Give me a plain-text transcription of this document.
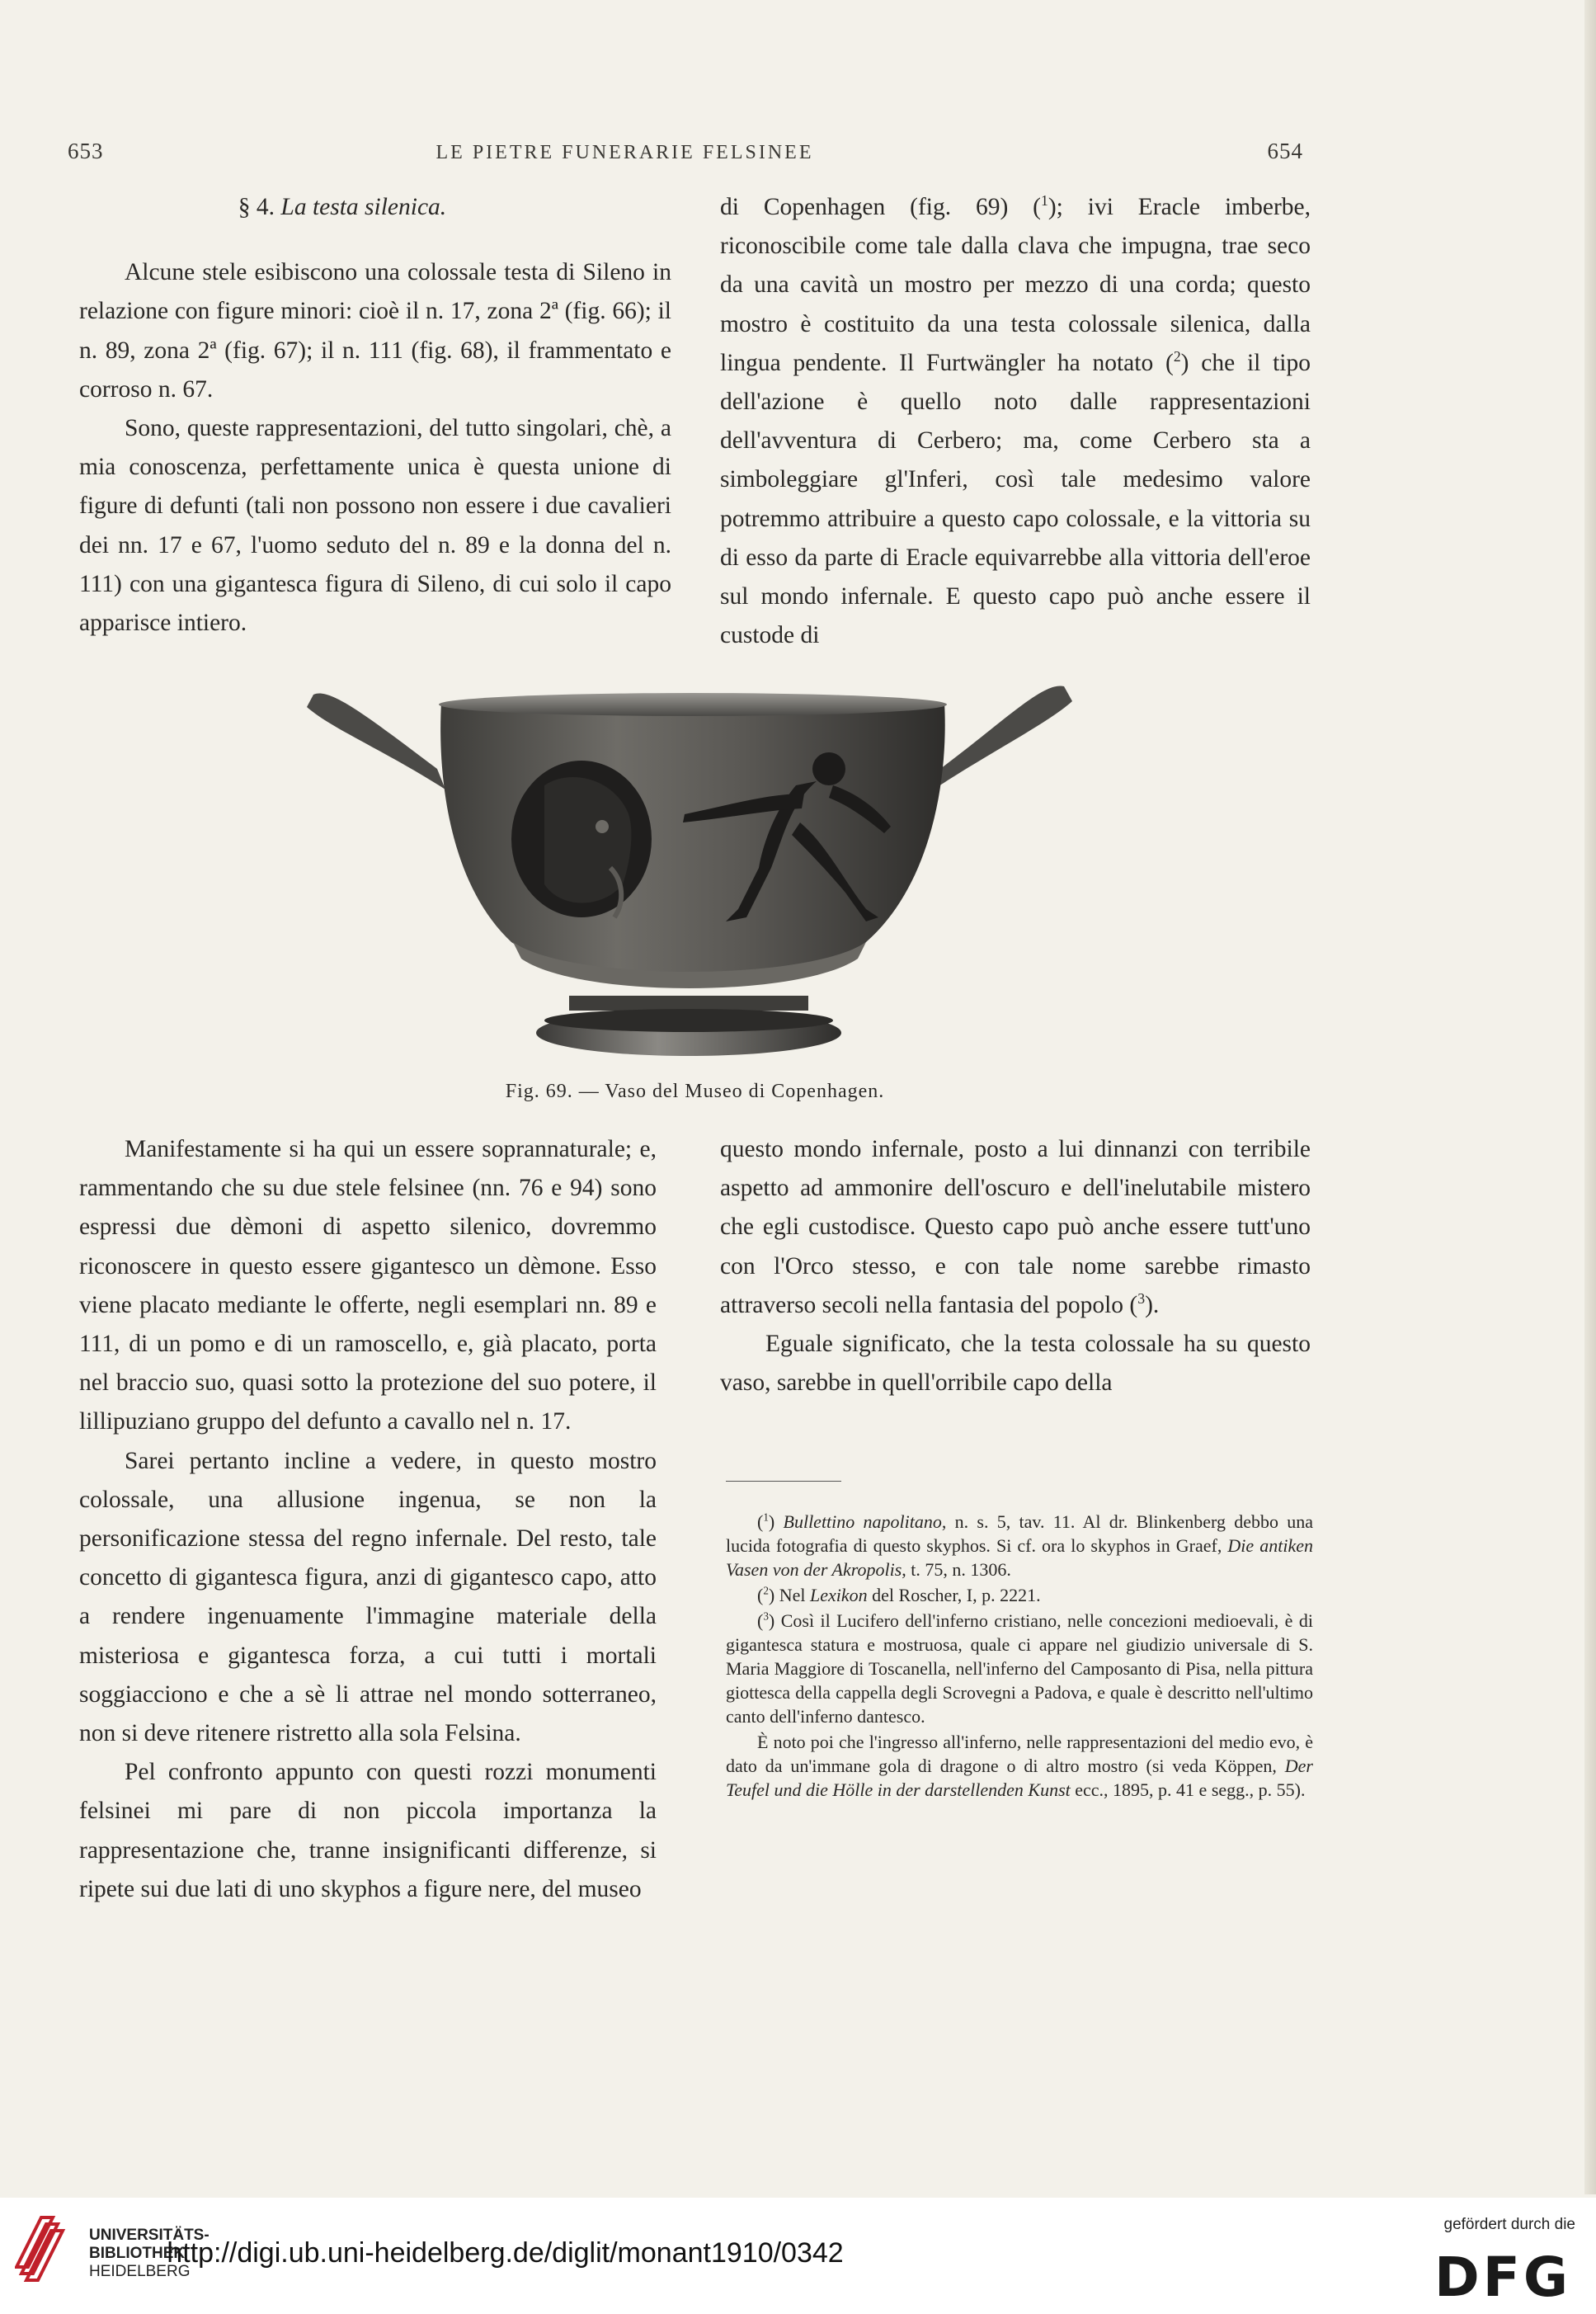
653	LE PIETRE FUNERARIE FELSINEE	654

§ 4. La testa silenica.

Alcune stele esibiscono una colossale testa di Sileno in relazione con figure minori: cioè il n. 17, zona 2ª (fig. 66); il n. 89, zona 2ª (fig. 67); il n. 111 (fig. 68), il frammentato e corroso n. 67.

Sono, queste rappresentazioni, del tutto singolari, chè, a mia conoscenza, perfettamente unica è questa unione di figure di defunti (tali non possono non essere i due cavalieri dei nn. 17 e 67, l'uomo seduto del n. 89 e la donna del n. 111) con una gigantesca figura di Sileno, di cui solo il capo apparisce intiero.

di Copenhagen (fig. 69) ($^1$); ivi Eracle imberbe, riconoscibile come tale dalla clava che impugna, trae seco da una cavità un mostro per mezzo di una corda; questo mostro è costituito da una testa colossale silenica, dalla lingua pendente. Il Furtwängler ha notato ($^2$) che il tipo dell'azione è quello noto dalle rappresentazioni dell'avventura di Cerbero; ma, come Cerbero sta a simboleggiare gl'Inferi, così tale medesimo valore potremmo attribuire a questo capo colossale, e la vittoria su di esso da parte di Eracle equivarrebbe alla vittoria dell'eroe sul mondo infernale. E questo capo può anche essere il custode di

Fig. 69. — Vaso del Museo di Copenhagen.

Manifestamente si ha qui un essere soprannaturale; e, rammentando che su due stele felsinee (nn. 76 e 94) sono espressi due dèmoni di aspetto silenico, dovremmo riconoscere in questo essere gigantesco un dèmone. Esso viene placato mediante le offerte, negli esemplari nn. 89 e 111, di un pomo e di un ramoscello, e, già placato, porta nel braccio suo, quasi sotto la protezione del suo potere, il lillipuziano gruppo del defunto a cavallo nel n. 17.

Sarei pertanto incline a vedere, in questo mostro colossale, una allusione ingenua, se non la personificazione stessa del regno infernale. Del resto, tale concetto di gigantesca figura, anzi di gigantesco capo, atto a rendere ingenuamente l'immagine materiale della misteriosa e gigantesca forza, a cui tutti i mortali soggiacciono e che a sè li attrae nel mondo sotterraneo, non si deve ritenere ristretto alla sola Felsina.

Pel confronto appunto con questi rozzi monumenti felsinei mi pare di non piccola importanza la rappresentazione che, tranne insignificanti differenze, si ripete sui due lati di uno skyphos a figure nere, del museo

questo mondo infernale, posto a lui dinnanzi con terribile aspetto ad ammonire dell'oscuro e dell'inelutabile mistero che egli custodisce. Questo capo può anche essere tutt'uno con l'Orco stesso, e con tale nome sarebbe rimasto attraverso secoli nella fantasia del popolo ($^3$).

Eguale significato, che la testa colossale ha su questo vaso, sarebbe in quell'orribile capo della

($^1$) Bullettino napolitano, n. s. 5, tav. 11. Al dr. Blinkenberg debbo una lucida fotografia di questo skyphos. Si cf. ora lo skyphos in Graef, Die antiken Vasen von der Akropolis, t. 75, n. 1306.

($^2$) Nel Lexikon del Roscher, I, p. 2221.

($^3$) Così il Lucifero dell'inferno cristiano, nelle concezioni medioevali, è di gigantesca statura e mostruosa, quale ci appare nel giudizio universale di S. Maria Maggiore di Toscanella, nell'inferno del Camposanto di Pisa, nella pittura giottesca della cappella degli Scrovegni a Padova, e quale è descritto nell'ultimo canto dell'inferno dantesco.

È noto poi che l'ingresso all'inferno, nelle rappresentazioni del medio evo, è dato da un'immane gola di dragone o di altro mostro (si veda Köppen, Der Teufel und die Hölle in der darstellenden Kunst ecc., 1895, p. 41 e segg., p. 55).

UNIVERSITÄTS-
BIBLIOTHEK
HEIDELBERG
http://digi.ub.uni-heidelberg.de/diglit/monant1910/0342
gefördert durch die
DFG
